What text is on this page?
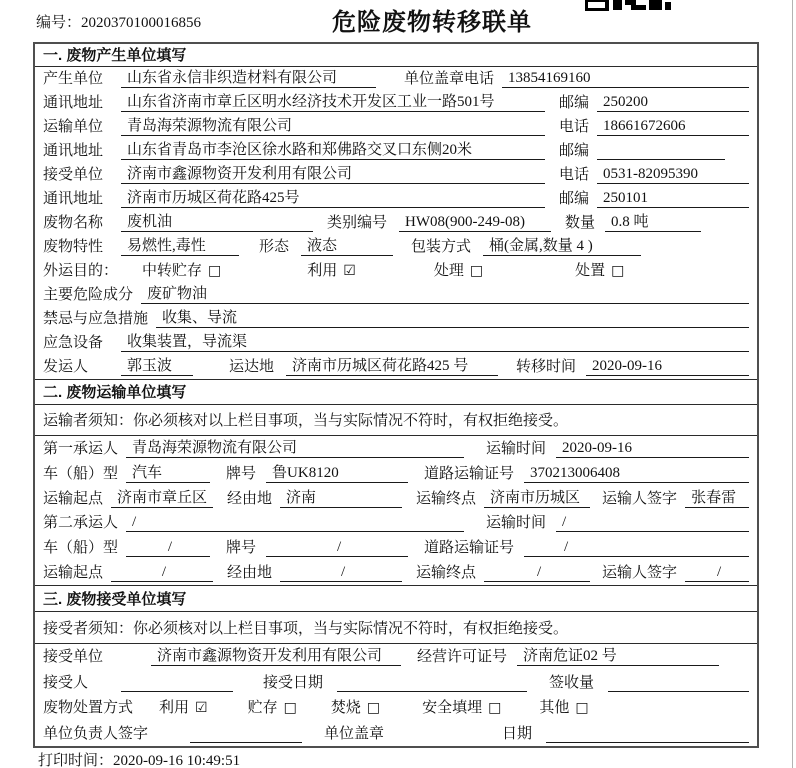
编号：2020370100016856	危险废物转移联单
一. 废物产生单位填写
产生单位	山东省永信非织造材料有限公司	单位盖章 电话 13854169160
通讯地址	山东省济南市章丘区明水经济技术开发区工业一路501号	邮编 250200
运输单位	青岛海荣源物流有限公司	电话 18661672606
通讯地址	山东省青岛市李沧区徐水路和郑佛路交叉口东侧20米	邮编
接受单位	济南市鑫源物资开发利用有限公司	电话 0531-82095390
通讯地址	济南市历城区荷花路425号	邮编 250101
废物名称	废机油	类别编号	HW08(900-249-08)	数量	0.8 吨
废物特性	易燃性,毒性	形态	液态	包装方式	桶(金属,数量 4 )
外运目的： 中转贮存 □	利用 ☑	处理 □	处置 □
主要危险成分 废矿物油
禁忌与应急措施 收集、导流
应急设备	收集装置，导流渠
发运人	郭玉波	运达地	济南市历城区荷花路425 号	转移时间	2020-09-16
二. 废物运输单位填写
运输者须知：你必须核对以上栏目事项，当与实际情况不符时，有权拒绝接受。
第一承运人 青岛海荣源物流有限公司	运输时间	2020-09-16
车（船）型 汽车	牌号	鲁UK8120	道路运输证号	370213006408
运输起点 济南市章丘区	经由地 济南	运输终点 济南市历城区	运输人签字 张春雷
第二承运人 /	运输时间	/
车（船）型	/	牌号	/	道路运输证号	/
运输起点	/	经由地	/	运输终点	/	运输人签字	/
三. 废物接受单位填写
接受者须知：你必须核对以上栏目事项，当与实际情况不符时，有权拒绝接受。
接受单位	济南市鑫源物资开发利用有限公司	经营许可证号	济南危证02 号
接受人	接受日期	签收量
废物处置方式 利用 ☑	贮存 □ 焚烧 □	安全填埋 □	其他 □
单位负责人签字	单位盖章	日期
打印时间：2020-09-16 10:49:51
